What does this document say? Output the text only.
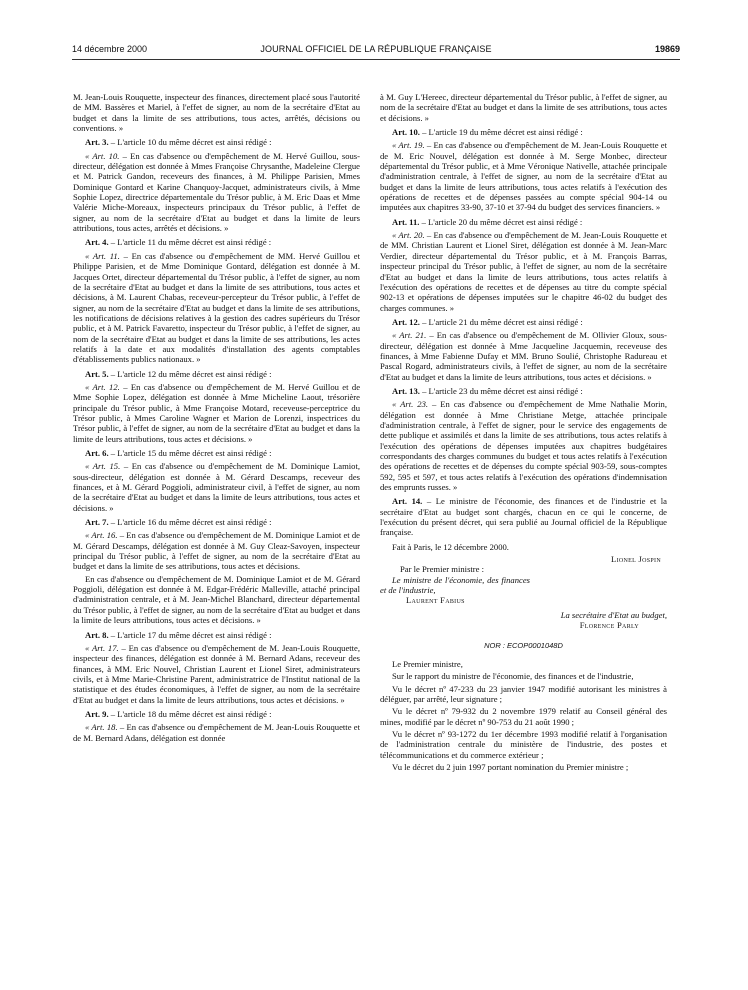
14 décembre 2000	JOURNAL OFFICIEL DE LA RÉPUBLIQUE FRANÇAISE	19869

M. Jean-Louis Rouquette, inspecteur des finances, directement placé sous l'autorité de MM. Bassères et Mariel, à l'effet de signer, au nom de la secrétaire d'Etat au budget et dans la limite de ses attributions, tous actes, arrêtés, décisions ou conventions. »

Art. 3. – L'article 10 du même décret est ainsi rédigé :

« Art. 10. – En cas d'absence ou d'empêchement de M. Hervé Guillou, sous-directeur, délégation est donnée à Mmes Françoise Chrysanthe, Madeleine Clergue et M. Patrick Gandon, receveurs des finances, à M. Philippe Parisien, Mmes Dominique Gontard et Karine Chanquoy-Jacquet, administrateurs civils, à Mme Sophie Lopez, directrice départementale du Trésor public, à M. Eric Daas et Mme Valérie Miche-Moreaux, inspecteurs principaux du Trésor public, à l'effet de signer, au nom de la secrétaire d'Etat au budget et dans la limite de leurs attributions, tous actes, arrêtés et décisions. »

Art. 4. – L'article 11 du même décret est ainsi rédigé :

« Art. 11. – En cas d'absence ou d'empêchement de MM. Hervé Guillou et Philippe Parisien, et de Mme Dominique Gontard, délégation est donnée à M. Jacques Ortet, directeur départemental du Trésor public, à l'effet de signer, au nom de la secrétaire d'Etat au budget et dans la limite de ses attributions, tous actes et décisions, à M. Laurent Chabas, receveur-percepteur du Trésor public, à l'effet de signer, au nom de la secrétaire d'Etat au budget et dans la limite de ses attributions, les notifications de décisions relatives à la gestion des cadres supérieurs du Trésor public, et à M. Patrick Favaretto, inspecteur du Trésor public, à l'effet de signer, au nom de la secrétaire d'Etat au budget et dans la limite de ses attributions, les actes relatifs à la date et aux modalités d'installation des agents comptables d'établissements publics nationaux. »

Art. 5. – L'article 12 du même décret est ainsi rédigé :

« Art. 12. – En cas d'absence ou d'empêchement de M. Hervé Guillou et de Mme Sophie Lopez, délégation est donnée à Mme Micheline Laout, trésorière principale du Trésor public, à Mme Françoise Motard, receveuse-perceptrice du Trésor public, à Mmes Caroline Wagner et Marion de Lorenzi, inspectrices du Trésor public, à l'effet de signer, au nom de la secrétaire d'Etat au budget et dans la limite de leurs attributions, tous actes et décisions. »

Art. 6. – L'article 15 du même décret est ainsi rédigé :

« Art. 15. – En cas d'absence ou d'empêchement de M. Dominique Lamiot, sous-directeur, délégation est donnée à M. Gérard Descamps, receveur des finances, et à M. Gérard Poggioli, administrateur civil, à l'effet de signer, au nom de la secrétaire d'Etat au budget et dans la limite de leurs attributions, tous actes et décisions. »

Art. 7. – L'article 16 du même décret est ainsi rédigé :

« Art. 16. – En cas d'absence ou d'empêchement de M. Dominique Lamiot et de M. Gérard Descamps, délégation est donnée à M. Guy Cleaz-Savoyen, inspecteur principal du Trésor public, à l'effet de signer, au nom de la secrétaire d'Etat au budget et dans la limite de ses attributions, tous actes et décisions.

En cas d'absence ou d'empêchement de M. Dominique Lamiot et de M. Gérard Poggioli, délégation est donnée à M. Edgar-Frédéric Malleville, attaché principal d'administration centrale, et à M. Jean-Michel Blanchard, directeur départemental du Trésor public, à l'effet de signer, au nom de la secrétaire d'Etat au budget et dans la limite de leurs attributions, tous actes et décisions. »

Art. 8. – L'article 17 du même décret est ainsi rédigé :

« Art. 17. – En cas d'absence ou d'empêchement de M. Jean-Louis Rouquette, inspecteur des finances, délégation est donnée à M. Bernard Adans, receveur des finances, à MM. Eric Nouvel, Christian Laurent et Lionel Siret, administrateurs civils, et à Mme Marie-Christine Parent, administratrice de l'Institut national de la statistique et des études économiques, à l'effet de signer, au nom de la secrétaire d'Etat au budget et dans la limite de leurs attributions, tous actes et décisions. »

Art. 9. – L'article 18 du même décret est ainsi rédigé :

« Art. 18. – En cas d'absence ou d'empêchement de M. Jean-Louis Rouquette et de M. Bernard Adans, délégation est donnée

à M. Guy L'Hereec, directeur départemental du Trésor public, à l'effet de signer, au nom de la secrétaire d'Etat au budget et dans la limite de ses attributions, tous actes et décisions. »

Art. 10. – L'article 19 du même décret est ainsi rédigé :

« Art. 19. – En cas d'absence ou d'empêchement de M. Jean-Louis Rouquette et de M. Eric Nouvel, délégation est donnée à M. Serge Monbec, directeur départemental du Trésor public, et à Mme Véronique Nativelle, attachée principale d'administration centrale, à l'effet de signer, au nom de la secrétaire d'Etat au budget et dans la limite de leurs attributions, tous actes relatifs à l'exécution des opérations de recettes et de dépenses passées au compte spécial 904-14 ou imputées aux chapitres 33-90, 37-10 et 37-94 du budget des services financiers. »

Art. 11. – L'article 20 du même décret est ainsi rédigé :

« Art. 20. – En cas d'absence ou d'empêchement de M. Jean-Louis Rouquette et de MM. Christian Laurent et Lionel Siret, délégation est donnée à M. Jean-Marc Verdier, directeur départemental du Trésor public, et à M. François Barras, inspecteur principal du Trésor public, à l'effet de signer, au nom de la secrétaire d'Etat au budget et dans la limite de leurs attributions, tous actes relatifs à l'exécution des opérations de recettes et de dépenses au titre du compte spécial 902-13 et opérations de dépenses imputées sur le chapitre 46-02 du budget des charges communes. »

Art. 12. – L'article 21 du même décret est ainsi rédigé :

« Art. 21. – En cas d'absence ou d'empêchement de M. Ollivier Gloux, sous-directeur, délégation est donnée à Mme Jacqueline Jacquemin, receveuse des finances, à Mme Fabienne Dufay et MM. Bruno Soulié, Christophe Radureau et Pascal Rogard, administrateurs civils, à l'effet de signer, au nom de la secrétaire d'Etat au budget et dans la limite de leurs attributions, tous actes et décisions. »

Art. 13. – L'article 23 du même décret est ainsi rédigé :

« Art. 23. – En cas d'absence ou d'empêchement de Mme Nathalie Morin, délégation est donnée à Mme Christiane Metge, attachée principale d'administration centrale, à l'effet de signer, pour le service des engagements de dette publique et assimilés et dans la limite de ses attributions, tous actes relatifs à l'exécution des opérations de dépenses imputées aux chapitres budgétaires correspondants des charges communes du budget et tous actes relatifs à l'exécution des opérations de recettes et de dépenses du compte spécial 903-59, sous-comptes 592, 595 et 597, et tous actes relatifs à l'exécution des opérations d'indemnisation des emprunts russes. »

Art. 14. – Le ministre de l'économie, des finances et de l'industrie et la secrétaire d'Etat au budget sont chargés, chacun en ce qui le concerne, de l'exécution du présent décret, qui sera publié au Journal officiel de la République française.

Fait à Paris, le 12 décembre 2000.

Lionel Jospin

Par le Premier ministre :

Le ministre de l'économie, des finances et de l'industrie,

Laurent Fabius

La secrétaire d'Etat au budget,

Florence Parly

NOR : ECOP0001048D

Le Premier ministre,

Sur le rapport du ministre de l'économie, des finances et de l'industrie,

Vu le décret nº 47-233 du 23 janvier 1947 modifié autorisant les ministres à déléguer, par arrêté, leur signature ;

Vu le décret nº 79-932 du 2 novembre 1979 relatif au Conseil général des mines, modifié par le décret nº 90-753 du 21 août 1990 ;

Vu le décret nº 93-1272 du 1er décembre 1993 modifié relatif à l'organisation de l'administration centrale du ministère de l'industrie, des postes et télécommunications et du commerce extérieur ;

Vu le décret du 2 juin 1997 portant nomination du Premier ministre ;
